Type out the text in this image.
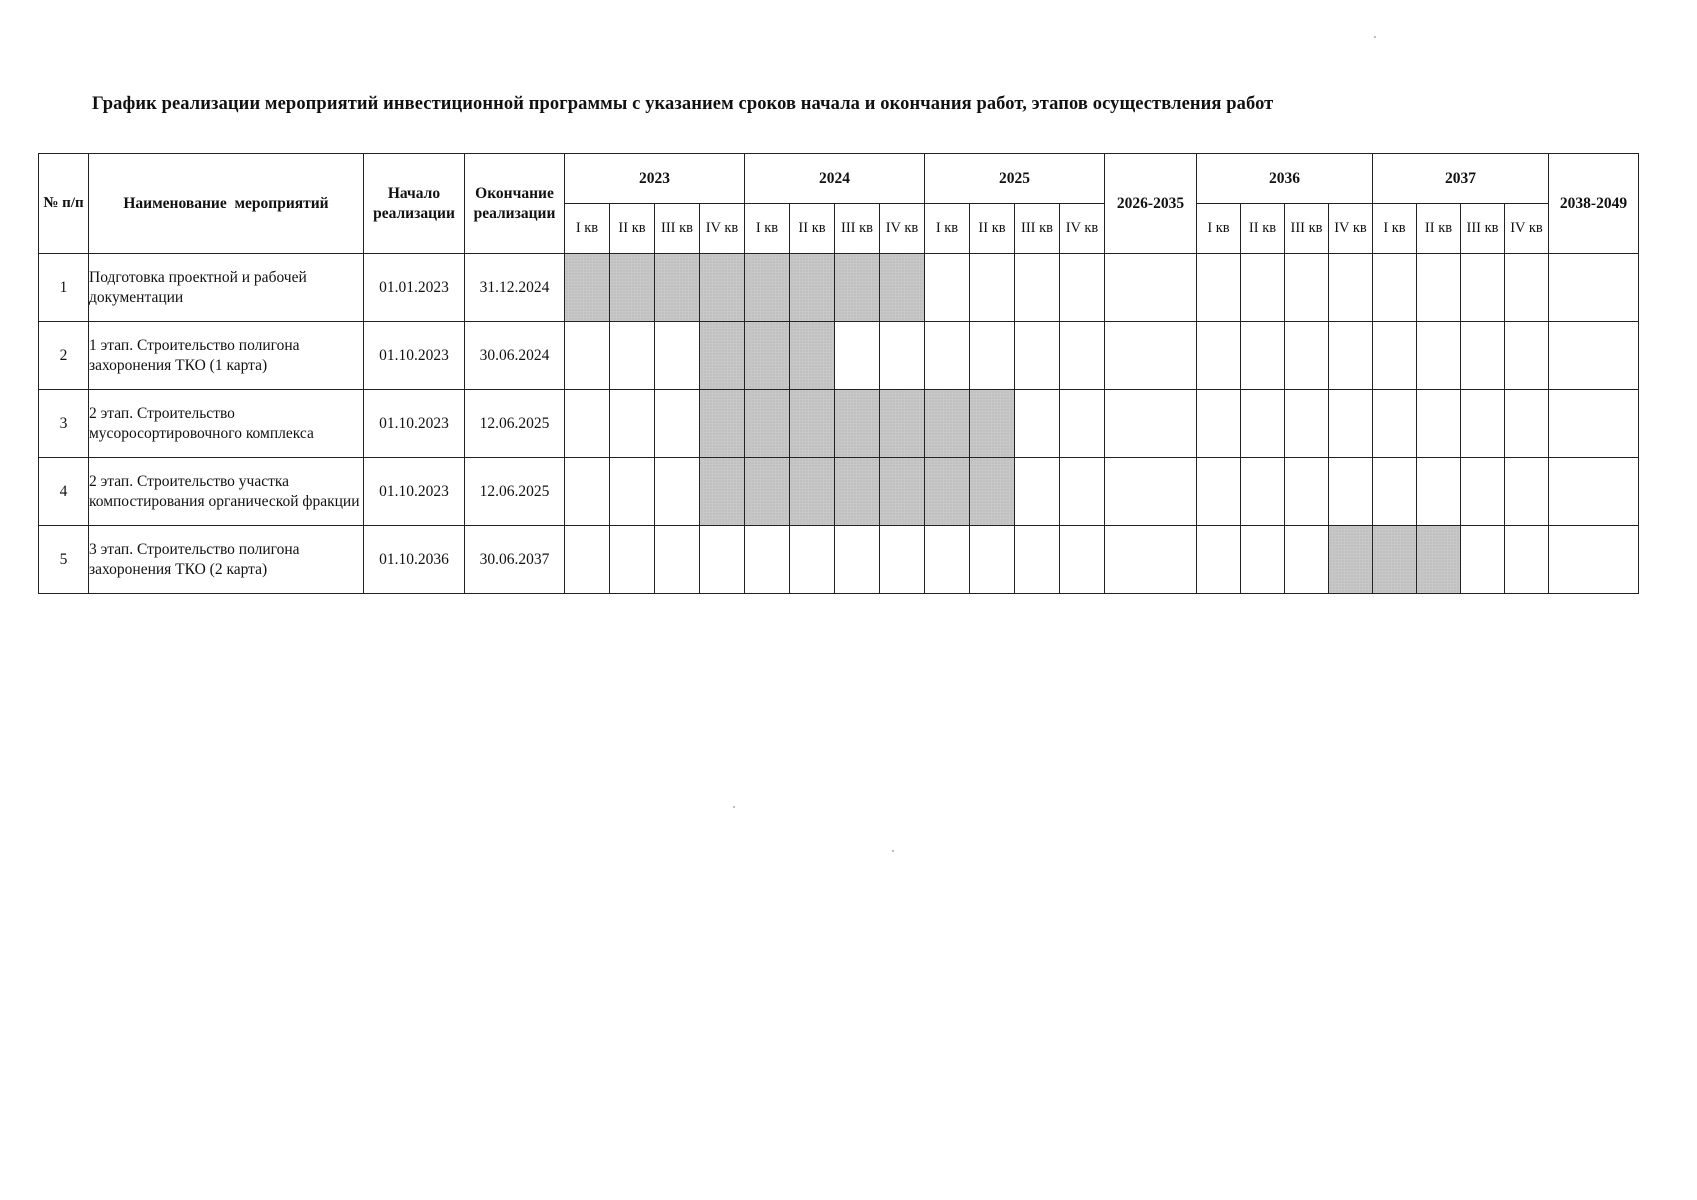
График реализации мероприятий инвестиционной программы с указанием сроков начала и окончания работ, этапов осуществления работ
№ п/п	Наименование  мероприятий	Начало реализации	Окончание реализации	2023				2024				2025				2026-2035	2036				2037				2038-2049
				I кв	II кв	III кв	IV кв	I кв	II кв	III кв	IV кв	I кв	II кв	III кв	IV кв		I кв	II кв	III кв	IV кв	I кв	II кв	III кв	IV кв	
1	Подготовка проектной и рабочей документации	01.01.2023	31.12.2024																						
2	1 этап. Строительство полигона захоронения ТКО (1 карта)	01.10.2023	30.06.2024																						
3	2 этап. Строительство мусоросортировочного комплекса	01.10.2023	12.06.2025																						
4	2 этап. Строительство участка компостирования органической фракции	01.10.2023	12.06.2025																						
5	3 этап. Строительство полигона захоронения ТКО (2 карта)	01.10.2036	30.06.2037																						
